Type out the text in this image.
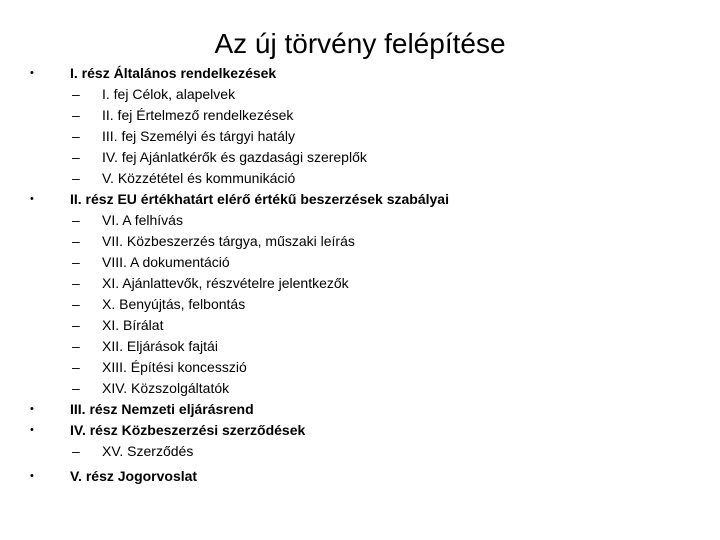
Az új törvény felépítése
•	I. rész Általános rendelkezések
– I. fej Célok, alapelvek
– II. fej Értelmező rendelkezések
– III. fej Személyi és tárgyi hatály
– IV. fej Ajánlatkérők és gazdasági szereplők
– V. Közzététel és kommunikáció
•	II. rész EU értékhatárt elérő értékű beszerzések szabályai
– VI. A felhívás
– VII. Közbeszerzés tárgya, műszaki leírás
– VIII. A dokumentáció
– XI. Ajánlattevők, részvételre jelentkezők
– X. Benyújtás, felbontás
– XI. Bírálat
– XII. Eljárások fajtái
– XIII. Építési koncesszió
– XIV. Közszolgáltatók
•	III. rész Nemzeti eljárásrend
•	IV. rész Közbeszerzési szerződések
– XV. Szerződés
•	V. rész Jogorvoslat
